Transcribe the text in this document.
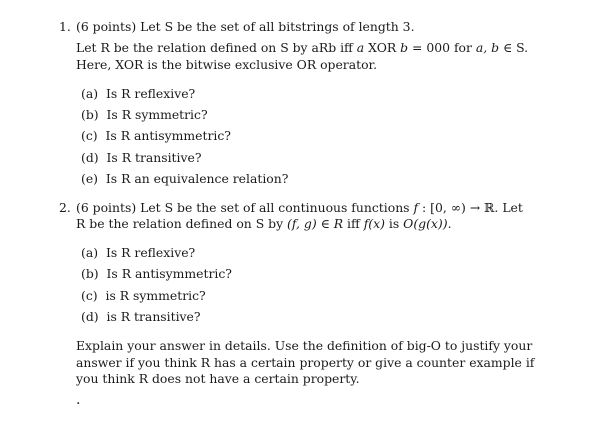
1. (6 points) Let S be the set of all bitstrings of length 3.
Let R be the relation defined on S by aRb iff a XOR b = 000 for a, b ∈ S.
Here, XOR is the bitwise exclusive OR operator.
(a) Is R reflexive?
(b) Is R symmetric?
(c) Is R antisymmetric?
(d) Is R transitive?
(e) Is R an equivalence relation?
2. (6 points) Let S be the set of all continuous functions f : [0, ∞) → ℝ. Let
R be the relation defined on S by (f, g) ∈ R iff f(x) is O(g(x)).
(a) Is R reflexive?
(b) Is R antisymmetric?
(c) is R symmetric?
(d) is R transitive?
Explain your answer in details. Use the definition of big-O to justify your
answer if you think R has a certain property or give a counter example if
you think R does not have a certain property.
.
